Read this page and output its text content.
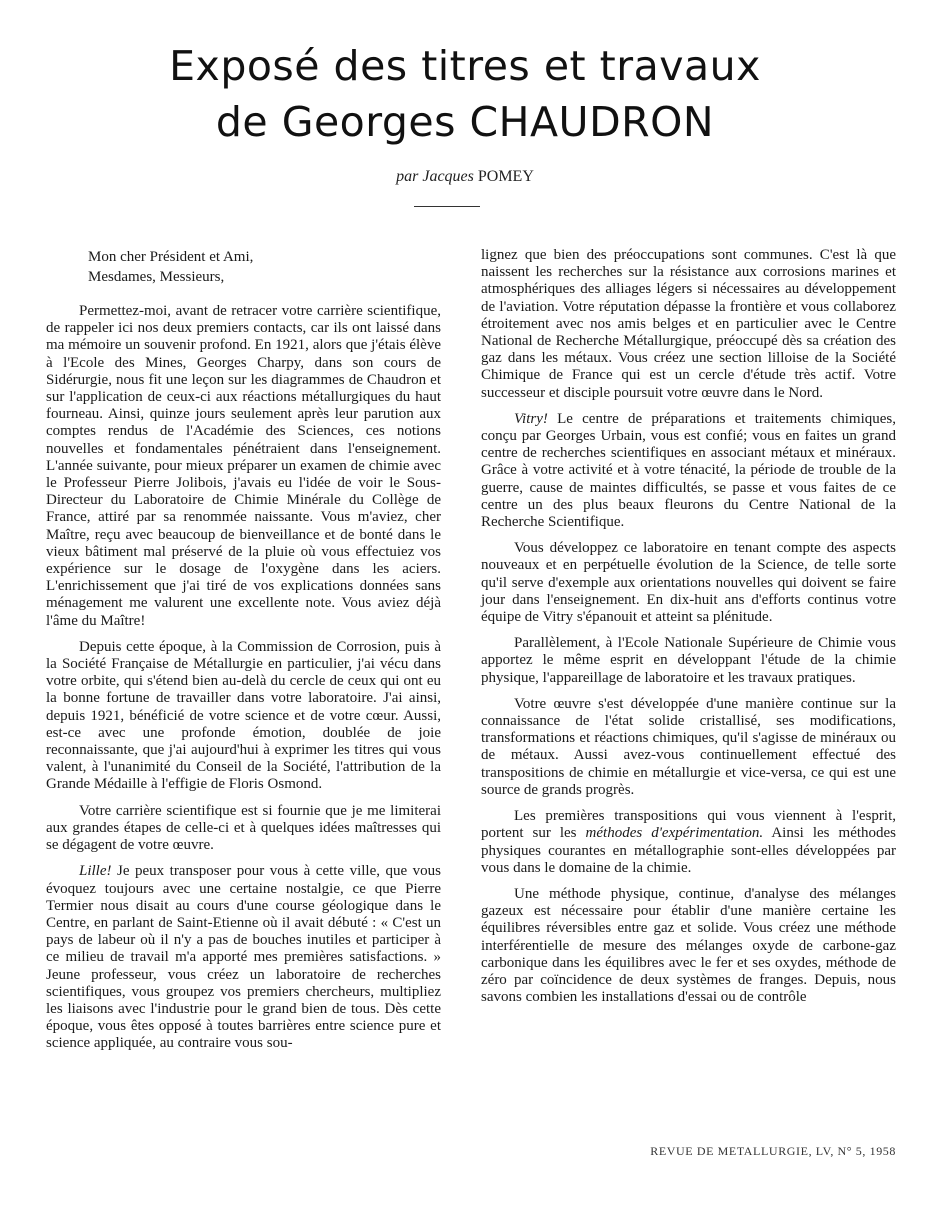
Exposé des titres et travaux
de Georges CHAUDRON
par Jacques POMEY
Mon cher Président et Ami,
Mesdames, Messieurs,

Permettez-moi, avant de retracer votre carrière scientifique, de rappeler ici nos deux premiers contacts, car ils ont laissé dans ma mémoire un souvenir profond. En 1921, alors que j'étais élève à l'Ecole des Mines, Georges Charpy, dans son cours de Sidérurgie, nous fit une leçon sur les diagrammes de Chaudron et sur l'application de ceux-ci aux réactions métallurgiques du haut fourneau. Ainsi, quinze jours seulement après leur parution aux comptes rendus de l'Académie des Sciences, ces notions nouvelles et fondamentales pénétraient dans l'enseignement. L'année suivante, pour mieux préparer un examen de chimie avec le Professeur Pierre Jolibois, j'avais eu l'idée de voir le Sous-Directeur du Laboratoire de Chimie Minérale du Collège de France, attiré par sa renommée naissante. Vous m'aviez, cher Maître, reçu avec beaucoup de bienveillance et de bonté dans le vieux bâtiment mal préservé de la pluie où vous effectuiez vos expérience sur le dosage de l'oxygène dans les aciers. L'enrichissement que j'ai tiré de vos explications données sans ménagement me valurent une excellente note. Vous aviez déjà l'âme du Maître!

Depuis cette époque, à la Commission de Corrosion, puis à la Société Française de Métallurgie en particulier, j'ai vécu dans votre orbite, qui s'étend bien au-delà du cercle de ceux qui ont eu la bonne fortune de travailler dans votre laboratoire. J'ai ainsi, depuis 1921, bénéficié de votre science et de votre cœur. Aussi, est-ce avec une profonde émotion, doublée de joie reconnaissante, que j'ai aujourd'hui à exprimer les titres qui vous valent, à l'unanimité du Conseil de la Société, l'attribution de la Grande Médaille à l'effigie de Floris Osmond.

Votre carrière scientifique est si fournie que je me limiterai aux grandes étapes de celle-ci et à quelques idées maîtresses qui se dégagent de votre œuvre.

Lille! Je peux transposer pour vous à cette ville, que vous évoquez toujours avec une certaine nostalgie, ce que Pierre Termier nous disait au cours d'une course géologique dans le Centre, en parlant de Saint-Etienne où il avait débuté : « C'est un pays de labeur où il n'y a pas de bouches inutiles et participer à ce milieu de travail m'a apporté mes premières satisfactions. » Jeune professeur, vous créez un laboratoire de recherches scientifiques, vous groupez vos premiers chercheurs, multipliez les liaisons avec l'industrie pour le grand bien de tous. Dès cette époque, vous êtes opposé à toutes barrières entre science pure et science appliquée, au contraire vous sou-

lignez que bien des préoccupations sont communes. C'est là que naissent les recherches sur la résistance aux corrosions marines et atmosphériques des alliages légers si nécessaires au développement de l'aviation. Votre réputation dépasse la frontière et vous collaborez étroitement avec nos amis belges et en particulier avec le Centre National de Recherche Métallurgique, préoccupé dès sa création des gaz dans les métaux. Vous créez une section lilloise de la Société Chimique de France qui est un cercle d'étude très actif. Votre successeur et disciple poursuit votre œuvre dans le Nord.

Vitry! Le centre de préparations et traitements chimiques, conçu par Georges Urbain, vous est confié; vous en faites un grand centre de recherches scientifiques en associant métaux et minéraux. Grâce à votre activité et à votre ténacité, la période de trouble de la guerre, cause de maintes difficultés, se passe et vous faites de ce centre un des plus beaux fleurons du Centre National de la Recherche Scientifique.

Vous développez ce laboratoire en tenant compte des aspects nouveaux et en perpétuelle évolution de la Science, de telle sorte qu'il serve d'exemple aux orientations nouvelles qui doivent se faire jour dans l'enseignement. En dix-huit ans d'efforts continus votre équipe de Vitry s'épanouit et atteint sa plénitude.

Parallèlement, à l'Ecole Nationale Supérieure de Chimie vous apportez le même esprit en développant l'étude de la chimie physique, l'appareillage de laboratoire et les travaux pratiques.

Votre œuvre s'est développée d'une manière continue sur la connaissance de l'état solide cristallisé, ses modifications, transformations et réactions chimiques, qu'il s'agisse de minéraux ou de métaux. Aussi avez-vous continuellement effectué des transpositions de chimie en métallurgie et vice-versa, ce qui est une source de grands progrès.

Les premières transpositions qui vous viennent à l'esprit, portent sur les méthodes d'expérimentation. Ainsi les méthodes physiques courantes en métallographie sont-elles développées par vous dans le domaine de la chimie.

Une méthode physique, continue, d'analyse des mélanges gazeux est nécessaire pour établir d'une manière certaine les équilibres réversibles entre gaz et solide. Vous créez une méthode interférentielle de mesure des mélanges oxyde de carbone-gaz carbonique dans les équilibres avec le fer et ses oxydes, méthode de zéro par coïncidence de deux systèmes de franges. Depuis, nous savons combien les installations d'essai ou de contrôle

REVUE DE METALLURGIE, LV, N° 5, 1958
